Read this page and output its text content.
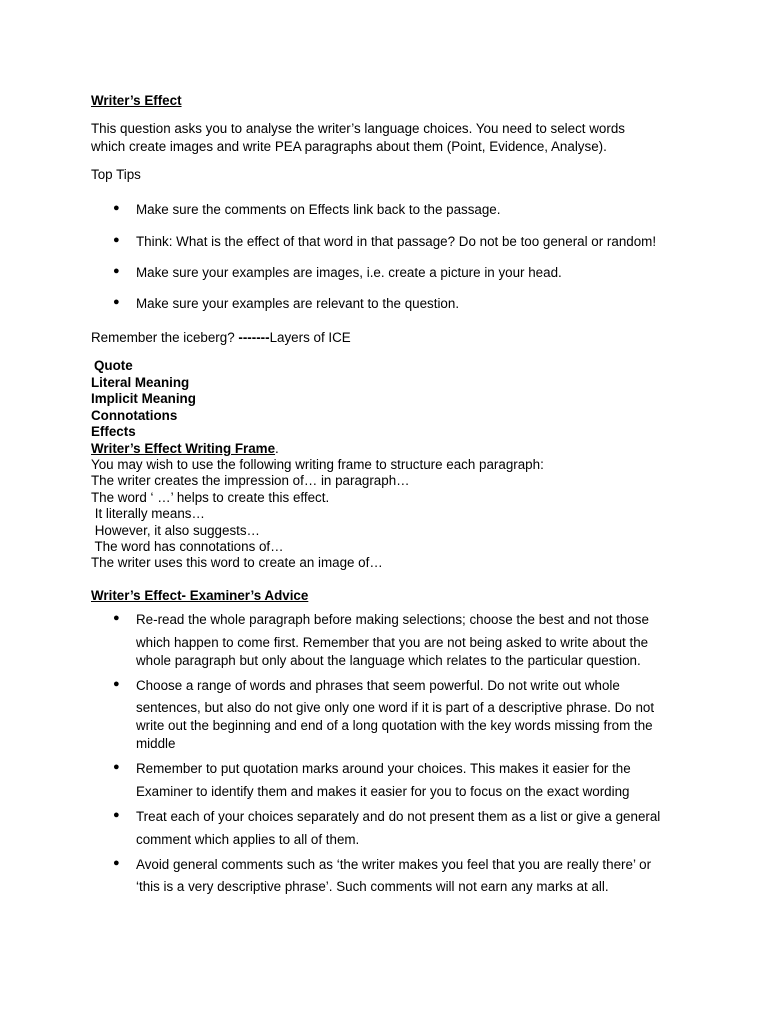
Writer’s Effect
This question asks you to analyse the writer’s language choices. You need to select words
which create images and write PEA paragraphs about them (Point, Evidence, Analyse).
Top Tips
● Make sure the comments on Effects link back to the passage.
● Think: What is the effect of that word in that passage? Do not be too general or random!
● Make sure your examples are images, i.e. create a picture in your head.
● Make sure your examples are relevant to the question.
Remember the iceberg? -------Layers of ICE
Quote
Literal Meaning
Implicit Meaning
Connotations
Effects
Writer’s Effect Writing Frame.
You may wish to use the following writing frame to structure each paragraph:
The writer creates the impression of… in paragraph…
The word ‘ …’ helps to create this effect.
It literally means…
However, it also suggests…
The word has connotations of…
The writer uses this word to create an image of…
Writer’s Effect- Examiner’s Advice
● Re-read the whole paragraph before making selections; choose the best and not those
which happen to come first. Remember that you are not being asked to write about the
whole paragraph but only about the language which relates to the particular question.
● Choose a range of words and phrases that seem powerful. Do not write out whole
sentences, but also do not give only one word if it is part of a descriptive phrase. Do not
write out the beginning and end of a long quotation with the key words missing from the
middle
● Remember to put quotation marks around your choices. This makes it easier for the
Examiner to identify them and makes it easier for you to focus on the exact wording
● Treat each of your choices separately and do not present them as a list or give a general
comment which applies to all of them.
● Avoid general comments such as ‘the writer makes you feel that you are really there’ or
‘this is a very descriptive phrase’. Such comments will not earn any marks at all.
